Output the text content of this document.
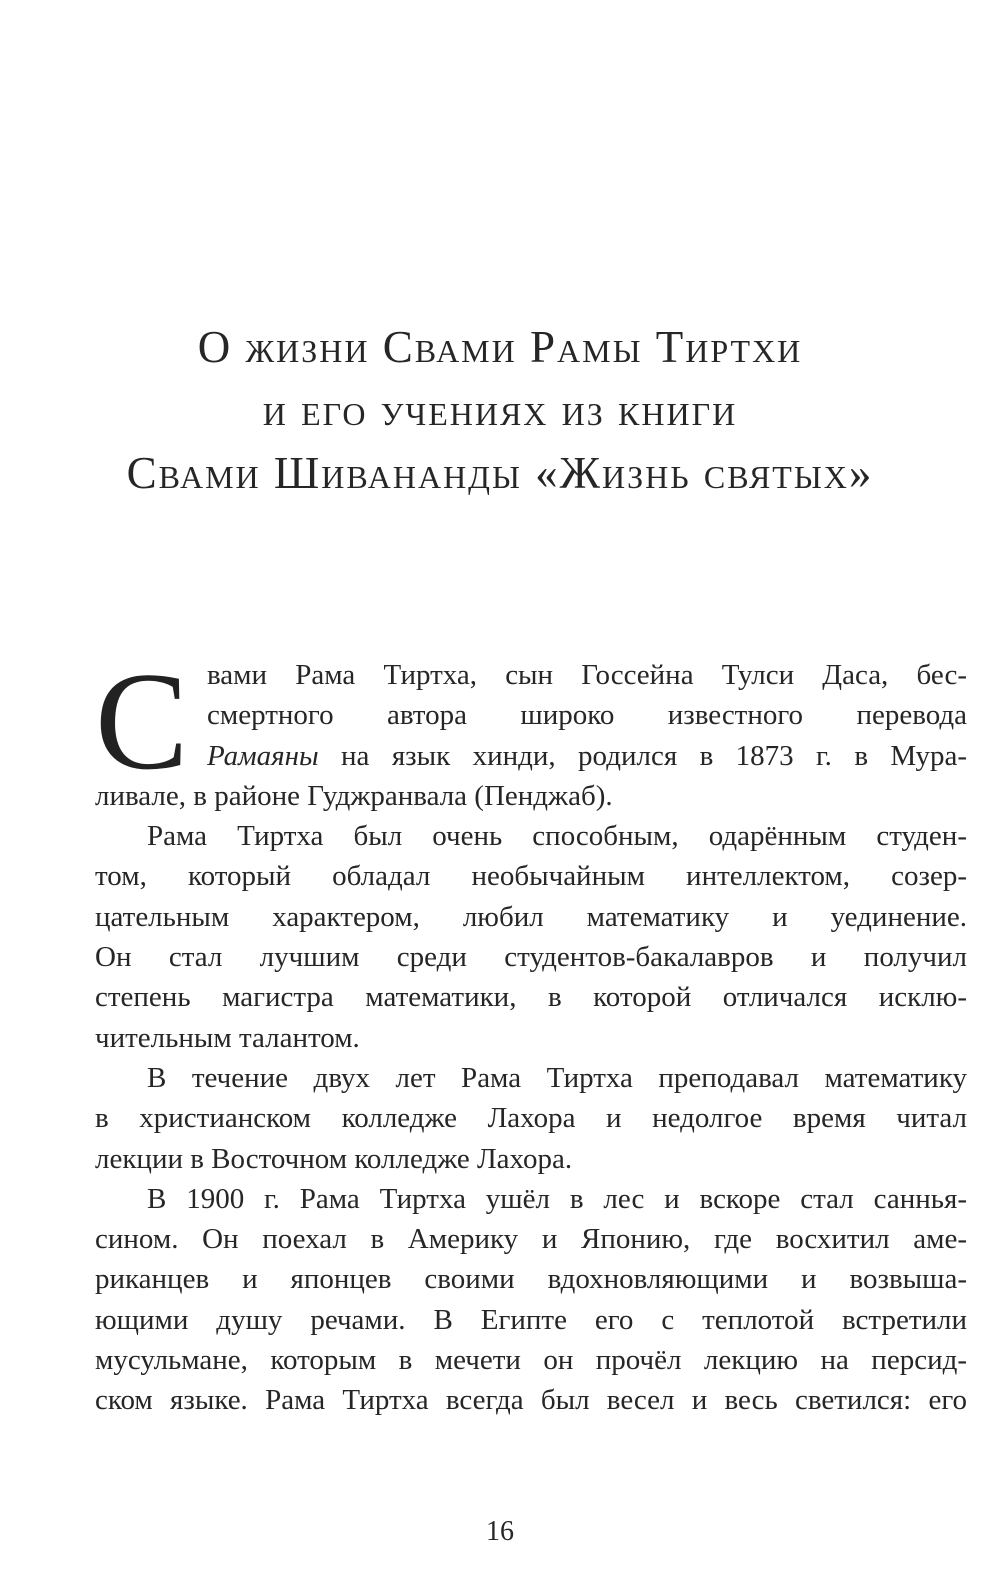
О жизни Свами Рамы Тиртхи
и его учениях из книги
Свами Шивананды «Жизнь святых»
С вами Рама Тиртха, сын Госсейна Тулси Даса, бес-
смертного автора широко известного перевода
Рамаяны на язык хинди, родился в 1873 г. в Мура-
ливале, в районе Гуджранвала (Пенджаб).
Рама Тиртха был очень способным, одарённым студен-
том, который обладал необычайным интеллектом, созер-
цательным характером, любил математику и уединение.
Он стал лучшим среди студентов-бакалавров и получил
степень магистра математики, в которой отличался исклю-
чительным талантом.
В течение двух лет Рама Тиртха преподавал математику
в христианском колледже Лахора и недолгое время читал
лекции в Восточном колледже Лахора.
В 1900 г. Рама Тиртха ушёл в лес и вскоре стал саннья-
сином. Он поехал в Америку и Японию, где восхитил аме-
риканцев и японцев своими вдохновляющими и возвыша-
ющими душу речами. В Египте его с теплотой встретили
мусульмане, которым в мечети он прочёл лекцию на персид-
ском языке. Рама Тиртха всегда был весел и весь светился: его
16
